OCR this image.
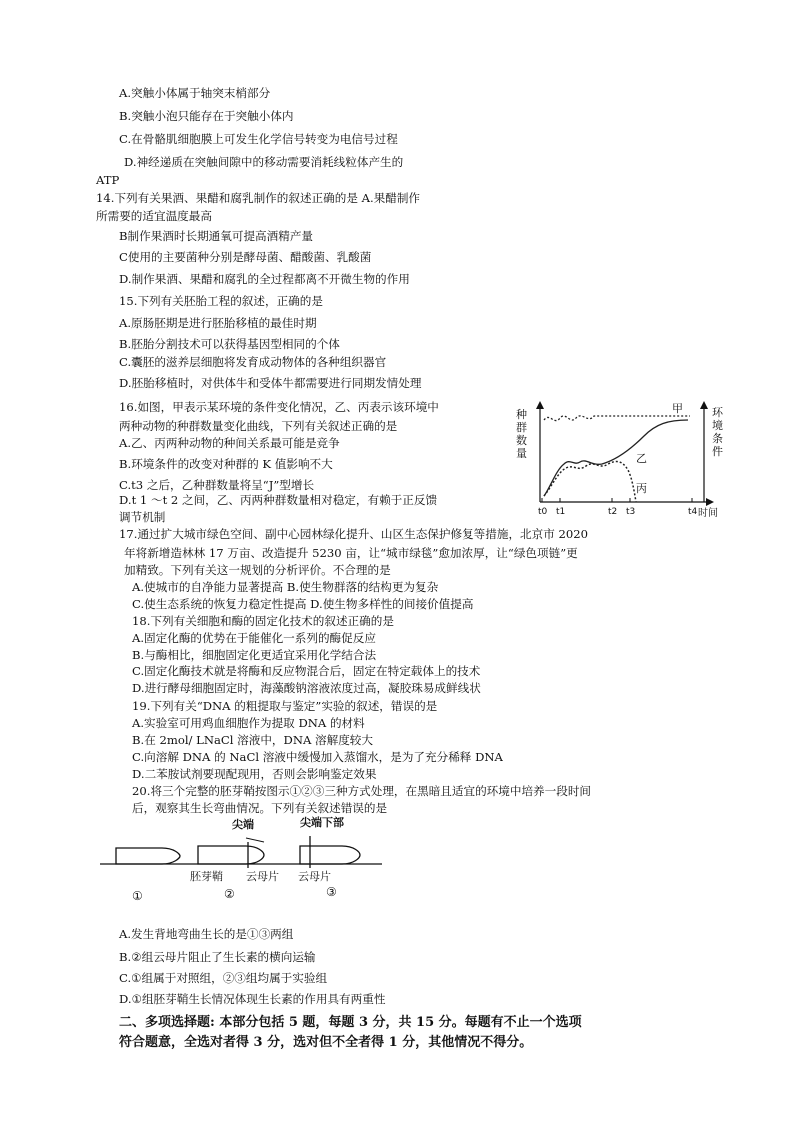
A.突触小体属于轴突末梢部分
B.突触小泡只能存在于突触小体内
C.在骨骼肌细胞膜上可发生化学信号转变为电信号过程
D.神经递质在突触间隙中的移动需要消耗线粒体产生的
ATP
14.下列有关果酒、果醋和腐乳制作的叙述正确的是 A.果醋制作
所需要的适宜温度最高
B制作果酒时长期通氧可提高酒精产量
C使用的主要菌种分别是酵母菌、醋酸菌、乳酸菌
D.制作果酒、果醋和腐乳的全过程都离不开微生物的作用
15.下列有关胚胎工程的叙述，正确的是
A.原肠胚期是进行胚胎移植的最佳时期
B.胚胎分割技术可以获得基因型相同的个体
C.囊胚的滋养层细胞将发育成动物体的各种组织器官
D.胚胎移植时，对供体牛和受体牛都需要进行同期发情处理
16.如图，甲表示某环境的条件变化情况，乙、丙表示该环境中
两种动物的种群数量变化曲线，下列有关叙述正确的是
A.乙、丙两种动物的种间关系最可能是竞争
B.环境条件的改变对种群的 K 值影响不大
C.t3 之后，乙种群数量将呈“J”型增长
D.t 1 ～t 2 之间，乙、丙两种群数量相对稳定，有赖于正反馈
调节机制
种 群 数 量
环 境 条 件
甲
乙
丙
t0 t1	t2 t3	t4 时间
17.通过扩大城市绿色空间、副中心园林绿化提升、山区生态保护修复等措施，北京市 2020
年将新增造林林 17 万亩、改造提升 5230 亩，让“城市绿毯”愈加浓厚，让“绿色项链”更
加精致。下列有关这一规划的分析评价。不合理的是
A.使城市的自净能力显著提高 B.使生物群落的结构更为复杂
C.使生态系统的恢复力稳定性提高 D.使生物多样性的间接价值提高
18.下列有关细胞和酶的固定化技术的叙述正确的是
A.固定化酶的优势在于能催化一系列的酶促反应
B.与酶相比，细胞固定化更适宜采用化学结合法
C.固定化酶技术就是将酶和反应物混合后，固定在特定载体上的技术
D.进行酵母细胞固定时，海藻酸钠溶液浓度过高，凝胶珠易成鲜线状
19.下列有关“DNA 的粗提取与鉴定”实验的叙述，错误的是
A.实验室可用鸡血细胞作为提取 DNA 的材料
B.在 2mol/ LNaCl 溶液中，DNA 溶解度较大
C.向溶解 DNA 的 NaCl 溶液中缓慢加入蒸馏水，是为了充分稀释 DNA
D.二苯胺试剂要现配现用，否则会影响鉴定效果
20.将三个完整的胚芽鞘按图示①②③三种方式处理，在黑暗且适宜的环境中培养一段时间
后，观察其生长弯曲情况。下列有关叙述错误的是
尖端	尖端下部
胚芽鞘 云母片 云母片
①	②	③
A.发生背地弯曲生长的是①③两组
B.②组云母片阻止了生长素的横向运输
C.①组属于对照组，②③组均属于实验组
D.①组胚芽鞘生长情况体现生长素的作用具有两重性
二、多项选择题: 本部分包括 5 题，每题 3 分，共 15 分。每题有不止一个选项
符合题意，全选对者得 3 分，选对但不全者得 1 分，其他情况不得分。
